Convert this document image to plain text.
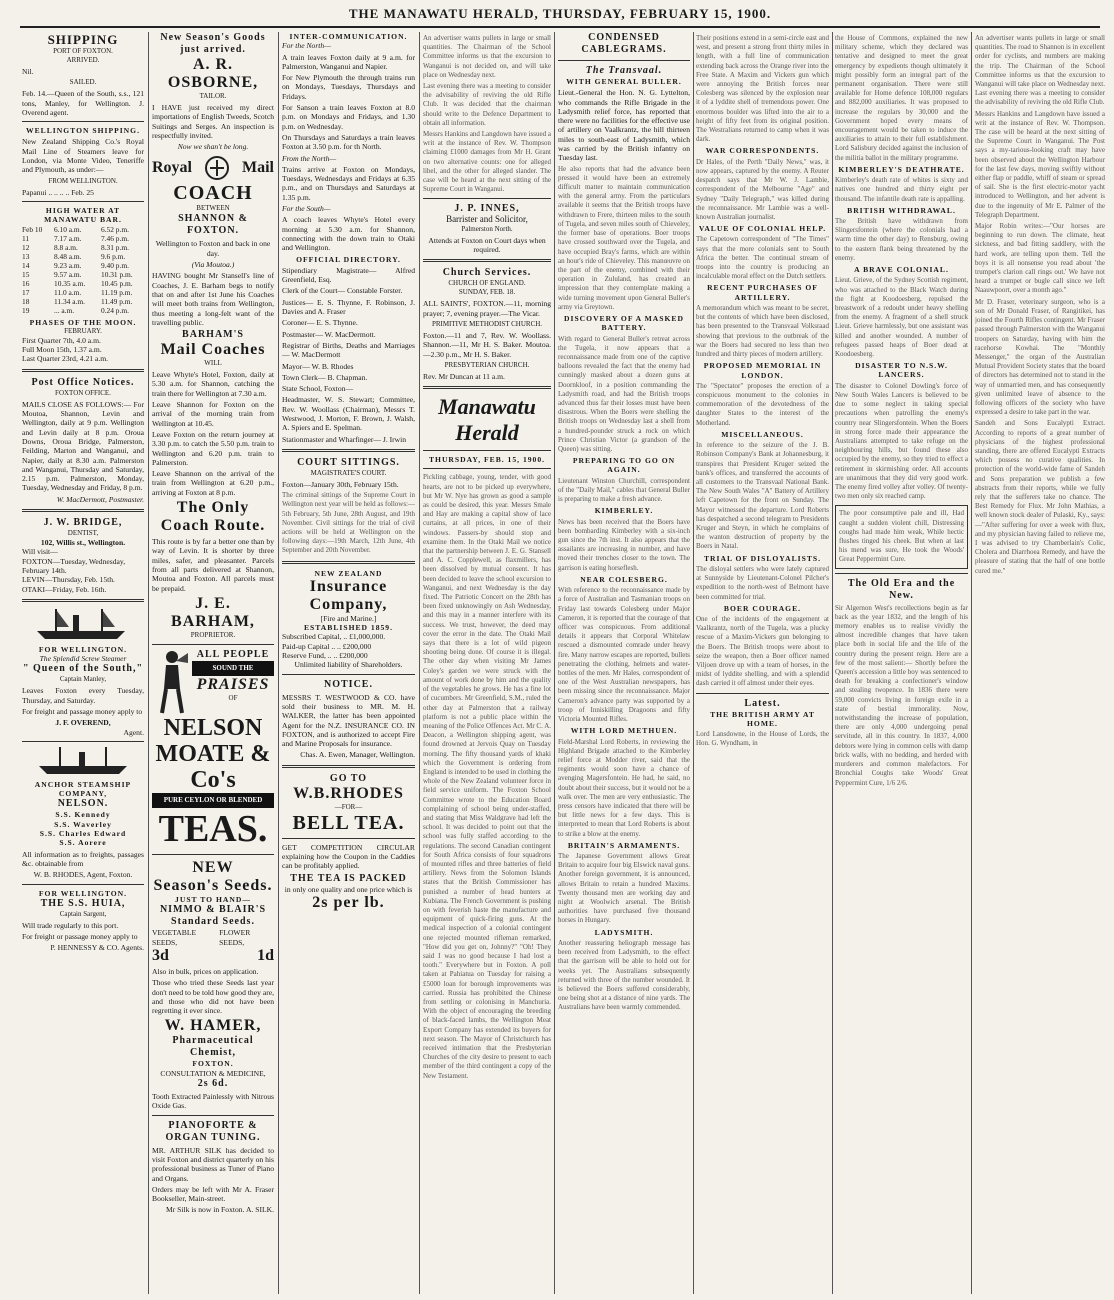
THE MANAWATU HERALD, THURSDAY, FEBRUARY 15, 1900.
SHIPPING
PORT OF FOXTON.
ARRIVED.

Nil.

SAILED.

Feb. 14.—Queen of the South, s.s., 121 tons, Manley, for Wellington. J. Overend agent.

WELLINGTON SHIPPING.

New Zealand Shipping Co.'s Royal Mail Line of Steamers leave for London, via Monte Video, Teneriffe and Plymouth, as under:—

FROM WELLINGTON.

Papanui .. .. .. .. Feb. 25

HIGH WATER AT MANAWATU BAR.
Feb 10	6.10 a.m.	6.52 p.m.
11	7.17 a.m.	7.46 p.m.
12	8.8 a.m.	8.31 p.m.
13	8.48 a.m.	9.6 p.m.
14	9.23 a.m.	9.40 p.m.
15	9.57 a.m.	10.31 p.m.
16	10.35 a.m.	10.45 p.m.
17	11.0 a.m.	11.19 p.m.
18	11.34 a.m.	11.49 p.m.
19	... a.m.	0.24 p.m.
PHASES OF THE MOON.
FEBRUARY.
First Quarter 7th, 4.0 a.m.
Full Moon 15th, 1.37 a.m.
Last Quarter 23rd, 4.21 a.m.
Post Office Notices.
FOXTON OFFICE.

MAILS CLOSE AS FOLLOWS:— For Moutoa, Shannon, Levin and Wellington, daily at 9 p.m. Wellington and Levin daily at 8 p.m. Oroua Downs, Oroua Bridge, Palmerston, Feilding, Marton and Wanganui, and Napier, daily at 8.30 a.m. Palmerston and Wanganui, Thursday and Saturday, 2.15 p.m. Palmerston, Monday, Tuesday, Wednesday and Friday, 8 p.m.

W. MacDermott, Postmaster.
J. W. BRIDGE,
DENTIST,
102, Willis st., Wellington.
Will visit—
FOXTON—Tuesday, Wednesday, February 14th.
LEVIN—Thursday, Feb. 15th.
OTAKI—Friday, Feb. 16th.
FOR WELLINGTON.
The Splendid Screw Steamer
" Queen of the South,"
Captain Manley,

Leaves Foxton every Tuesday, Thursday, and Saturday.

For freight and passage money apply to

J. F. OVEREND,
Agent.
ANCHOR STEAMSHIP COMPANY,
NELSON.
S.S. Kennedy
S.S. Waverley
S.S. Charles Edward
S.S. Aorere

All information as to freights, passages &c. obtainable from

W. B. RHODES, Agent, Foxton.
FOR WELLINGTON.
THE S.S. HUIA,
Captain Sargent,

Will trade regularly to this port.

For freight or passage money apply to

P. HENNESSY & CO. Agents.
New Season's Goods just arrived.
A. R. OSBORNE,
TAILOR.

I HAVE just received my direct importations of English Tweeds, Scotch Suitings and Serges. An inspection is respectfully invited.

Now we shan't be long.
Royal	Mail
COACH
BETWEEN
SHANNON & FOXTON.

Wellington to Foxton and back in one day.

(Via Moutoa.)

HAVING bought Mr Stansell's line of Coaches, J. E. Barham begs to notify that on and after 1st June his Coaches will meet both trains from Wellington, thus meeting a long-felt want of the travelling public.

BARHAM'S
Mail Coaches
WILL

Leave Whyte's Hotel, Foxton, daily at 5.30 a.m. for Shannon, catching the train there for Wellington at 7.30 a.m.

Leave Shannon for Foxton on the arrival of the morning train from Wellington at 10.45.

Leave Foxton on the return journey at 3.30 p.m. to catch the 5.50 p.m. train to Wellington and 6.20 p.m. train to Palmerston.

Leave Shannon on the arrival of the train from Wellington at 6.20 p.m., arriving at Foxton at 8 p.m.

The Only Coach Route.

This route is by far a better one than by way of Levin. It is shorter by three miles, safer, and pleasanter. Parcels from all parts delivered at Shannon, Moutoa and Foxton. All parcels must be prepaid.

J. E. BARHAM,
PROPRIETOR.
ALL PEOPLE
SOUND THE
PRAISES
OF
NELSON MOATE & Co's
PURE CEYLON OR BLENDED
TEAS.
NEW
Season's Seeds.
JUST TO HAND—
NIMMO & BLAIR'S
Standard Seeds.
VEGETABLE SEEDS,
FLOWER SEEDS,
3d	1d

Also in bulk, prices on application.

Those who tried these Seeds last year don't need to be told how good they are, and those who did not have been regretting it ever since.

W. HAMER,
Pharmaceutical Chemist,
FOXTON.
CONSULTATION & MEDICINE,
2s 6d.

Tooth Extracted Painlessly with Nitrous Oxide Gas.

PIANOFORTE & ORGAN TUNING.

MR. ARTHUR SILK has decided to visit Foxton and district quarterly on his professional business as Tuner of Piano and Organs.

Orders may be left with Mr A. Fraser Bookseller, Main-street.

Mr Silk is now in Foxton. A. SILK.
INTER-COMMUNICATION.
For the North—

A train leaves Foxton daily at 9 a.m. for Palmerston, Wanganui and Napier.

For New Plymouth the through trains run on Mondays, Tuesdays, Thursdays and Fridays.

For Sanson a train leaves Foxton at 8.0 p.m. on Mondays and Fridays, and 1.30 p.m. on Wednesday.

On Thursdays and Saturdays a train leaves Foxton at 3.50 p.m. for th North.

From the North—

Trains arrive at Foxton on Mondays, Tuesdays, Wednesdays and Fridays at 6.35 p.m., and on Thursdays and Saturdays at 1.35 p.m.

For the South—

A coach leaves Whyte's Hotel every morning at 5.30 a.m. for Shannon, connecting with the down train to Otaki and Wellington.

OFFICIAL DIRECTORY.

Stipendiary Magistrate— Alfred Greenfield, Esq.

Clerk of the Court— Constable Forster.

Justices— E. S. Thynne, F. Robinson, J. Davies and A. Fraser

Coroner— E. S. Thynne.

Postmaster— W. MacDermott.

Registrar of Births, Deaths and Marriages— W. MacDermott

Mayor— W. B. Rhodes

Town Clerk— B. Chapman.

State School, Foxton—

Headmaster, W. S. Stewart; Committee, Rev. W. Woollass (Chairman), Messrs T. Westwood, J. Morton, F. Brown, J. Walsh, A. Spiers and E. Spelman.

Stationmaster and Wharfinger— J. Irwin

COURT SITTINGS.
MAGISTRATE'S COURT.

Foxton—January 30th, February 15th.

The criminal sittings of the Supreme Court in Wellington next year will be held as follows:—5th February, 5th June, 28th August, and 19th November. Civil sittings for the trial of civil actions will be held at Wellington on the following days:—19th March, 12th June, 4th September and 20th November.
NEW ZEALAND
Insurance Company,
[Fire and Marine.]
ESTABLISHED 1859.
Subscribed Capital, .. £1,000,000.
Paid-up Capital .. .. £200,000
Reserve Fund, .. .. £200,000
Unlimited liability of Shareholders.
NOTICE.

MESSRS T. WESTWOOD & CO. have sold their business to MR. M. H. WALKER, the latter has been appointed Agent for the N.Z. INSURANCE CO. IN FOXTON, and is authorized to accept Fire and Marine Proposals for insurance.

Chas. A. Ewen, Manager, Wellington.
GO TO
W.B.RHODES
—FOR—
BELL TEA.

GET COMPETITION CIRCULAR explaining how the Coupon in the Caddies can be profitably applied.

THE TEA IS PACKED
in only one quality and one price which is
2s per lb.
An advertiser wants pullets in large or small quantities. The Chairman of the School Committee informs us that the excursion to Wanganui is not decided on, and will take place on Wednesday next.
Last evening there was a meeting to consider the advisability of reviving the old Rifle Club. It was decided that the chairman should write to the Defence Department to obtain all information.
Messrs Hankins and Langdown have issued a writ at the instance of Rev. W. Thompson claiming £1000 damages from Mr H. Grant on two alternative counts: one for alleged libel, and the other for alleged slander. The case will be heard at the next sitting of the Supreme Court in Wanganui.
J. P. INNES,
Barrister and Solicitor,
Palmerston North.

Attends at Foxton on Court days when required.

Church Services.
CHURCH OF ENGLAND.
SUNDAY, FEB. 18.

ALL SAINTS', FOXTON.—11, morning prayer; 7, evening prayer.—The Vicar.

PRIMITIVE METHODIST CHURCH.

Foxton.—11 and 7, Rev. W. Woollass. Shannon.—11, Mr H. S. Baker. Moutoa.—2.30 p.m., Mr H. S. Baker.

PRESBYTERIAN CHURCH.

Rev. Mr Duncan at 11 a.m.

Manawatu Herald
THURSDAY, FEB. 15, 1900.
Pickling cabbage, young, tender, with good hearts, are not to be picked up everywhere, but Mr W. Nye has grown as good a sample as could be desired, this year. Messrs Smale and Hay are making a capital show of lace curtains, at all prices, in one of their windows. Passers-by should stop and examine them. In the Otaki Mail we notice that the partnership between J. E. G. Stansell and A. C. Copplewell, as flaxmillers, has been dissolved by mutual consent. It has been decided to leave the school excursion to Wanganui, and next Wednesday is the day fixed. The Patriotic Concert on the 28th has been fixed unknowingly on Ash Wednesday, and this may in a manner interfere with its success. We trust, however, the deed may cover the error in the date. The Otaki Mail says that there is a lot of wild pigeon shooting being done. Of course it is illegal. The other day when visiting Mr James Coley's garden we were struck with the amount of work done by him and the quality of the vegetables he grows. He has a fine lot of cucumbers. Mr Greenfield, S.M., ruled the other day at Palmerston that a railway platform is not a public place within the meaning of the Police Offences Act. Mr C. A. Deacon, a Wellington shipping agent, was found drowned at Jervois Quay on Tuesday morning. The fifty thousand yards of khaki which the Government is ordering from England is intended to be used in clothing the whole of the New Zealand volunteer force in field service uniform. The Foxton School Committee wrote to the Education Board complaining of school being under-staffed, and stating that Miss Waldgrave had left the school. It was decided to point out that the school was fully staffed according to the regulations. The second Canadian contingent for South Africa consists of four squadrons of mounted rifles and three batteries of field artillery. News from the Solomon Islands states that the British Commissioner has punished a number of head hunters at Kubiana. The French Government is pushing on with feverish haste the manufacture and equipment of quick-firing guns. At the medical inspection of a colonial contingent one rejected mounted rifleman remarked, "How did you get on, Johnny?" "Oh! They said I was no good because I had lost a tooth." Everywhere but in Foxton. A poll taken at Pahiatua on Tuesday for raising a £5000 loan for borough improvements was carried. Russia has prohibited the Chinese from settling or colonising in Manchuria. With the object of encouraging the breeding of black-faced lambs, the Wellington Meat Export Company has extended its buyers for next season. The Mayor of Christchurch has received intimation that the Presbyterian Churches of the city desire to present to each member of the third contingent a copy of the New Testament.
CONDENSED CABLEGRAMS.
The Transvaal.
WITH GENERAL BULLER.

Lieut.-General the Hon. N. G. Lyttelton, who commands the Rifle Brigade in the Ladysmith relief force, has reported that there were no facilities for the effective use of artillery on Vaalkrantz, the hill thirteen miles to south-east of Ladysmith, which was carried by the British infantry on Tuesday last.

He also reports that had the advance been pressed it would have been an extremely difficult matter to maintain communication with the general army. From the particulars available it seems that the British troops have withdrawn to Frere, thirteen miles to the south of Tugela, and seven miles south of Chieveley, the former base of operations. Boer troops have crossed southward over the Tugela, and have occupied Bray's farms, which are within an hour's ride of Chieveley. This manœuvre on the part of the enemy, combined with their operation in Zululand, has created an impression that they contemplate making a wide turning movement upon General Buller's army via Greytown.
DISCOVERY OF A MASKED BATTERY.
With regard to General Buller's retreat across the Tugela, it now appears that a reconnaissance made from one of the captive balloons revealed the fact that the enemy had cunningly masked about a dozen guns at Doornkloof, in a position commanding the Ladysmith road, and had the British troops advanced thus far their losses must have been disastrous. When the Boers were shelling the British troops on Wednesday last a shell from a hundred-pounder struck a rock on which Prince Christian Victor (a grandson of the Queen) was sitting.
PREPARING TO GO ON AGAIN.
Lieutenant Winston Churchill, correspondent of the "Daily Mail," cables that General Buller is preparing to make a fresh advance.
KIMBERLEY.
News has been received that the Boers have been bombarding Kimberley with a six-inch gun since the 7th inst. It also appears that the assailants are increasing in number, and have moved their trenches closer to the town. The garrison is eating horseflesh.
NEAR COLESBERG.
With reference to the reconnaissance made by a force of Australian and Tasmanian troops on Friday last towards Colesberg under Major Cameron, it is reported that the courage of that officer was conspicuous. From additional details it appears that Corporal Whitelaw rescued a dismounted comrade under heavy fire. Many narrow escapes are reported, bullets penetrating the clothing, helmets and water-bottles of the men. Mr Hales, correspondent of one of the West Australian newspapers, has been missing since the reconnaissance. Major Cameron's advance party was supported by a troop of Inniskilling Dragoons and fifty Victoria Mounted Rifles.
WITH LORD METHUEN.
Field-Marshal Lord Roberts, in reviewing the Highland Brigade attached to the Kimberley relief force at Modder river, said that the regiments would soon have a chance of avenging Magersfontein. He had, he said, no doubt about their success, but it would not be a walk over. The men are very enthusiastic. The press censors have indicated that there will be but little news for a few days. This is interpreted to mean that Lord Roberts is about to strike a blow at the enemy.
BRITAIN'S ARMAMENTS.
The Japanese Government allows Great Britain to acquire four big Elswick naval guns. Another foreign government, it is announced, allows Britain to retain a hundred Maxims. Twenty thousand men are working day and night at Woolwich arsenal. The British authorities have purchased five thousand horses in Hungary.
LADYSMITH.
Another reassuring heliograph message has been received from Ladysmith, to the effect that the garrison will be able to hold out for weeks yet. The Australians subsequently returned with three of the number wounded. It is believed the Boers suffered considerably, one being shot at a distance of nine yards. The Australians have been warmly commended.
Their positions extend in a semi-circle east and west, and present a strong front thirty miles in length, with a full line of communication extending back across the Orange river into the Free State. A Maxim and Vickers gun which were annoying the British forces near Colesberg was silenced by the explosion near it of a lyddite shell of tremendous power. One enormous boulder was lifted into the air to a height of fifty feet from its original position. The Westralians returned to camp when it was dark.
WAR CORRESPONDENTS.
Dr Hales, of the Perth "Daily News," was, it now appears, captured by the enemy. A Reuter despatch says that Mr W. J. Lambie, correspondent of the Melbourne "Age" and Sydney "Daily Telegraph," was killed during the reconnaissance. Mr Lambie was a well-known Australian journalist.
VALUE OF COLONIAL HELP.
The Capetown correspondent of "The Times" says that the more colonials sent to South Africa the better. The continual stream of troops into the country is producing an incalculable moral effect on the Dutch settlers.
RECENT PURCHASES OF ARTILLERY.
A memorandum which was meant to be secret, but the contents of which have been disclosed, has been presented to the Transvaal Volksraad showing that previous to the outbreak of the war the Boers had secured no less than two hundred and thirty pieces of modern artillery.
PROPOSED MEMORIAL IN LONDON.
The "Spectator" proposes the erection of a conspicuous monument to the colonies in commemoration of the devotedness of the daughter States to the interest of the Motherland.
MISCELLANEOUS.
In reference to the seizure of the J. B. Robinson Company's Bank at Johannesburg, it transpires that President Kruger seized the bank's offices, and transferred the accounts of all customers to the Transvaal National Bank. The New South Wales "A" Battery of Artillery left Capetown for the front on Sunday. The Mayor witnessed the departure. Lord Roberts has despatched a second telegram to Presidents Kruger and Steyn, in which he complains of the wanton destruction of property by the Boers in Natal.
TRIAL OF DISLOYALISTS.
The disloyal settlers who were lately captured at Sunnyside by Lieutenant-Colonel Pilcher's expedition to the north-west of Belmont have been committed for trial.
BOER COURAGE.
One of the incidents of the engagement at Vaalkrantz, north of the Tugela, was a plucky rescue of a Maxim-Vickers gun belonging to the Boers. The British troops were about to seize the weapon, then a Boer officer named Viljoen drove up with a team of horses, in the midst of lyddite shelling, and with a splendid dash carried it off almost under their eyes.
Latest.
THE BRITISH ARMY AT HOME.
Lord Lansdowne, in the House of Lords, the Hon. G. Wyndham, in
the House of Commons, explained the new military scheme, which they declared was tentative and designed to meet the great emergency by expedients though ultimately it might possibly form an integral part of the permanent organisation. There were still available for Home defence 108,000 regulars and 882,000 auxiliaries. It was proposed to increase the regulars by 30,000 and the Government hoped every means of encouragement would be taken to induce the auxiliaries to attain to their full establishment. Lord Salisbury decided against the inclusion of the militia ballot in the military programme.
KIMBERLEY'S DEATHRATE.
Kimberley's death rate of whites is sixty and natives one hundred and thirty eight per thousand. The infantile death rate is appalling.
BRITISH WITHDRAWAL.
The British have withdrawn from Slingersfontein (where the colonials had a warm time the other day) to Rensburg, owing to the eastern flank being threatened by the enemy.
A BRAVE COLONIAL.
Lieut. Grieve, of the Sydney Scottish regiment, who was attached to the Black Watch during the fight at Koodoesberg, repulsed the breastwork of a redoubt under heavy shelling from the enemy. A fragment of a shell struck Lieut. Grieve harmlessly, but one assistant was killed and another wounded. A number of refugees passed heaps of Boer dead at Koodoesberg.
DISASTER TO N.S.W. LANCERS.
The disaster to Colonel Dowling's force of New South Wales Lancers is believed to be due to some neglect in taking special precautions when patrolling the enemy's country near Slingersfontein. When the Boers in strong force made their appearance the Australians attempted to take refuge on the neighbouring hills, but found these also occupied by the enemy, so they tried to effect a retirement in skirmishing order. All accounts are unanimous that they did very good work. The enemy fired volley after volley. Of twenty-two men only six reached camp.
The poor consumptive pale and ill, Had caught a sudden violent chill, Distressing coughs had made him weak, While hectic flushes tinged his cheek. But when at last his mend was sure, He took the Woods' Great Peppermint Cure.
The Old Era and the New.
Sir Algernon West's recollections begin as far back as the year 1832, and the length of his memory enables us to realise vividly the almost incredible changes that have taken place both in social life and the life of the country during the present reign. Here are a few of the most salient:— Shortly before the Queen's accession a little boy was sentenced to death for breaking a confectioner's window and stealing twopence. In 1836 there were 59,000 convicts living in foreign exile in a state of bestial immorality. Now, notwithstanding the increase of population, there are only 4,000 undergoing penal servitude, all in this country. In 1837, 4,000 debtors were lying in common cells with damp brick walls, with no bedding, and herded with murderers and common malefactors. For Bronchial Coughs take Woods' Great Peppermint Cure, 1/6 2/6.
An advertiser wants pullets in large or small quantities. The road to Shannon is in excellent order for cyclists, and numbers are making the trip. The Chairman of the School Committee informs us that the excursion to Wanganui will take place on Wednesday next. Last evening there was a meeting to consider the advisability of reviving the old Rifle Club.
Messrs Hankins and Langdown have issued a writ at the instance of Rev. W. Thompson. The case will be heard at the next sitting of the Supreme Court in Wanganui. The Post says a my-tarious-looking craft may have been observed about the Wellington Harbour for the last few days, moving swiftly without either flap or paddle, whiff of steam or spread of sail. She is the first electric-motor yacht introduced to Wellington, and her advent is due to the ingenuity of Mr E. Palmer of the Telegraph Department.
Major Robin writes:—"Our horses are beginning to run down. The climate, heat sickness, and bad fitting saddlery, with the hard work, are telling upon them. Tell the boys it is all nonsense you read about 'the trumpet's clarion call rings out.' We have not heard a trumpet or bugle call since we left Naauwpoort, over a month ago."
Mr D. Fraser, veterinary surgeon, who is a son of Mr Donald Fraser, of Rangitikei, has joined the Fourth Rifles contingent. Mr Fraser passed through Palmerston with the Wanganui troopers on Saturday, having with him the racehorse Kowhai. The "Monthly Messenger," the organ of the Australian Mutual Provident Society states that the board of directors has determined not to stand in the way of unmarried men, and has consequently given unlimited leave of absence to the following officers of the society who have expressed a desire to take part in the war.
Sandeh and Sons Eucalypti Extract. According to reports of a great number of physicians of the highest professional standing, there are offered Eucalypti Extracts which possess no curative qualities. In protection of the world-wide fame of Sandeh and Sons preparation we publish a few abstracts from their reports, while we fully rely that the sufferers take no chance. The Best Remedy for Flux. Mr John Mathias, a well known stock dealer of Pulaski, Ky., says:—"After suffering for over a week with flux, and my physician having failed to relieve me, I was advised to try Chamberlain's Colic, Cholera and Diarrhoea Remedy, and have the pleasure of stating that the half of one bottle cured me."
